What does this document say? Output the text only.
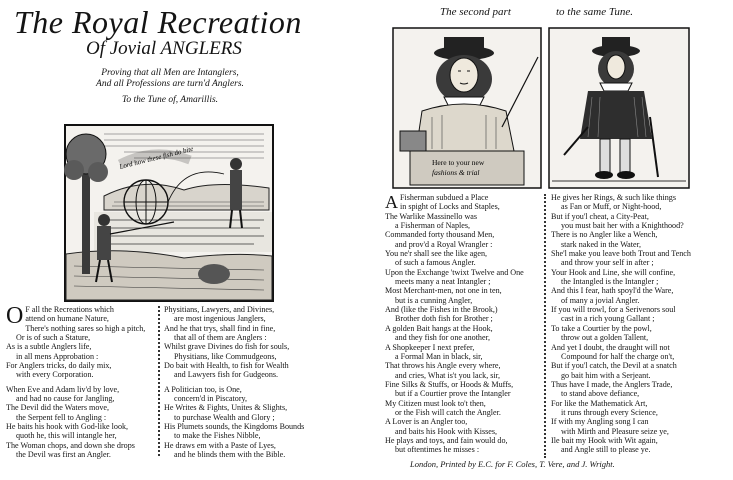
The Royal Recreation
Of Jovial ANGLERS
Proving that all Men are Intanglers,
And all Professions are turn'd Anglers.
To the Tune of, Amarillis.
Lord how these fish do bite
O F all the Recreations which
attend on humane Nature,
There's nothing sares so high a pitch,
Or is of such a Stature,
As is a subtle Anglers life,
in all mens Approbation :
For Anglers tricks, do daily mix,
with every Corporation.
When Eve and Adam liv'd by love,
and had no cause for Jangling,
The Devil did the Waters move,
the Serpent fell to Angling :
He baits his hook with God-like look,
quoth he, this will intangle her,
The Woman chops, and down she drops
the Devil was first an Angler.
Physitians, Lawyers, and Divines,
are most ingenious Janglers,
And he that trys, shall find in fine,
that all of them are Anglers :
Whilst grave Divines do fish for souls,
Physitians, like Commudgeons,
Do bait with Health, to fish for Wealth
and Lawyers fish for Gudgeons.
A Politician too, is One,
concern'd in Piscatory,
He Writes & Fights, Unites & Slights,
to purchase Wealth and Glory ;
His Plumets sounds, the Kingdoms Bounds
to make the Fishes Nibble,
He draws em with a Paste of Lyes,
and he blinds them with the Bible.
The second part	to the same Tune.
Here to your new
fashions & trial
A Fisherman subdued a Place
in spight of Locks and Staples,
The Warlike Massinello was
a Fisherman of Naples,
Commanded forty thousand Men,
and prov'd a Royal Wrangler :
You ne'r shall see the like agen,
of such a famous Angler.
Upon the Exchange 'twixt Twelve and One
meets many a neat Intangler ;
Most Merchant-men, not one in ten,
but is a cunning Angler,
And (like the Fishes in the Brook,)
Brother doth fish for Brother ;
A golden Bait hangs at the Hook,
and they fish for one another,
A Shopkeeper I next prefer,
a Formal Man in black, sir,
That throws his Angle every where,
and cries, What is't you lack, sir,
Fine Silks & Stuffs, or Hoods & Muffs,
but if a Courtier prove the Intangler
My Citizen must look to't then,
or the Fish will catch the Angler.
A Lover is an Angler too,
and baits his Hook with Kisses,
He plays and toys, and fain would do,
but oftentimes he misses :
He gives her Rings, & such like things
as Fan or Muff, or Night-hood,
But if you'l cheat, a City-Peat,
you must bait her with a Knighthood?
There is no Angler like a Wench,
stark naked in the Water,
She'l make you leave both Trout and Tench
and throw your self in after ;
Your Hook and Line, she will confine,
the Intangled is the Intangler ;
And this I fear, hath spoyl'd the Ware,
of many a jovial Angler.
If you will trowl, for a Serivenors soul
cast in a rich young Gallant ;
To take a Courtier by the powl,
throw out a golden Tallent,
And yet I doubt, the draught will not
Compound for half the charge on't,
But if you'l catch, the Devil at a snatch
go bait him with a Serjeant.
Thus have I made, the Anglers Trade,
to stand above defiance,
For like the Mathematick Art,
it runs through every Science,
If with my Angling song I can
with Mirth and Pleasure seize ye,
Ile bait my Hook with Wit again,
and Angle still to please ye.
London, Printed by E.C. for F. Coles, T. Vere, and J. Wright.
